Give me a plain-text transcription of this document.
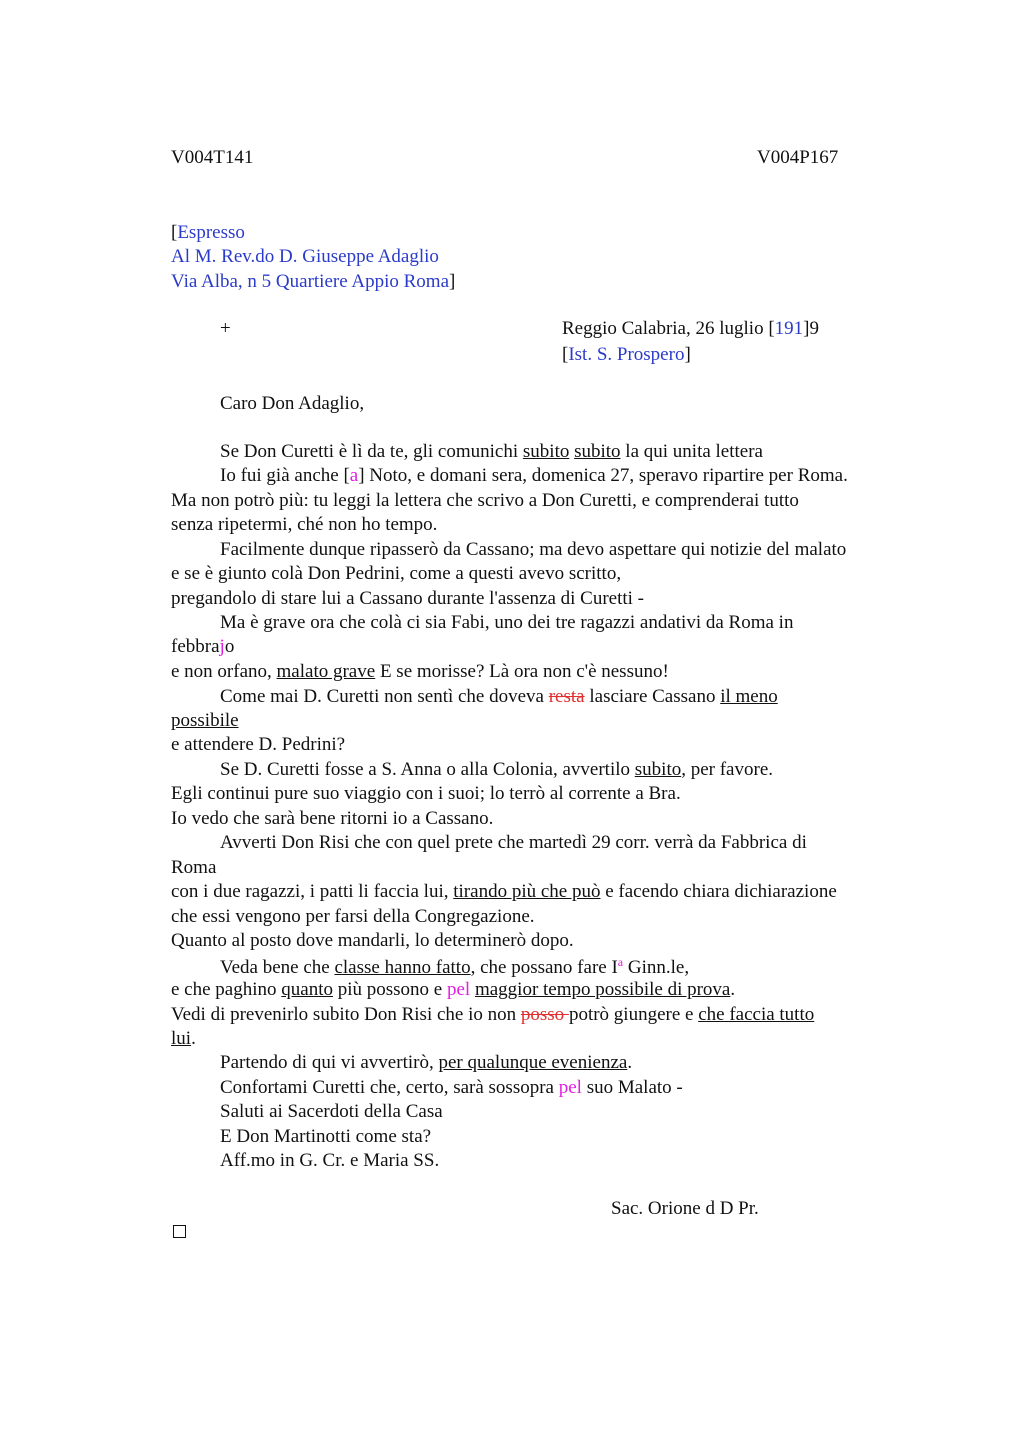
V004T141	V004P167
[Espresso
Al M. Rev.do D. Giuseppe Adaglio
Via Alba, n 5 Quartiere Appio Roma]
+	Reggio Calabria, 26 luglio [191]9
[Ist. S. Prospero]
Caro Don Adaglio,
Se Don Curetti è lì da te, gli comunichi subito subito la qui unita lettera
Io fui già anche [a] Noto, e domani sera, domenica 27, speravo ripartire per Roma.
Ma non potrò più: tu leggi la lettera che scrivo a Don Curetti, e comprenderai tutto
senza ripetermi, ché non ho tempo.
Facilmente dunque ripasserò da Cassano; ma devo aspettare qui notizie del malato
e se è giunto colà Don Pedrini, come a questi avevo scritto,
pregandolo di stare lui a Cassano durante l'assenza di Curetti -
Ma è grave ora che colà ci sia Fabi, uno dei tre ragazzi andativi da Roma in
febbrajo
e non orfano, malato grave E se morisse? Là ora non c'è nessuno!
Come mai D. Curetti non sentì che doveva resta lasciare Cassano il meno
possibile
e attendere D. Pedrini?
Se D. Curetti fosse a S. Anna o alla Colonia, avvertilo subito, per favore.
Egli continui pure suo viaggio con i suoi; lo terrò al corrente a Bra.
Io vedo che sarà bene ritorni io a Cassano.
Avverti Don Risi che con quel prete che martedì 29 corr. verrà da Fabbrica di
Roma
con i due ragazzi, i patti li faccia lui, tirando più che può e facendo chiara dichiarazione
che essi vengono per farsi della Congregazione.
Quanto al posto dove mandarli, lo determinerò dopo.
Veda bene che classe hanno fatto, che possano fare $I^a$ Ginn.le,
e che paghino quanto più possono e pel maggior tempo possibile di prova.
Vedi di prevenirlo subito Don Risi che io non posso potrò giungere e che faccia tutto
lui.
Partendo di qui vi avvertirò, per qualunque evenienza.
Confortami Curetti che, certo, sarà sossopra pel suo Malato -
Saluti ai Sacerdoti della Casa
E Don Martinotti come sta?
Aff.mo in G. Cr. e Maria SS.
Sac. Orione d D Pr.
